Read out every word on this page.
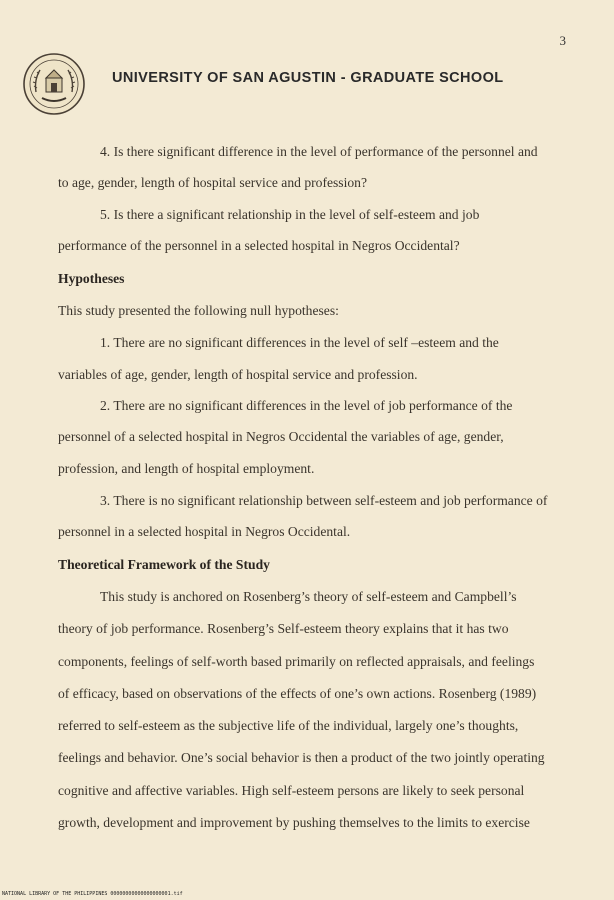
3
UNIVERSITY OF SAN AGUSTIN - GRADUATE SCHOOL
4. Is there significant difference in the level of performance of the personnel and
to age, gender, length of hospital service and profession?
5. Is there a significant relationship in the level of self-esteem and job
performance of the personnel in a selected hospital in Negros Occidental?
Hypotheses
This study presented the following null hypotheses:
1. There are no significant differences in the level of self –esteem and the
variables of age, gender, length of hospital service and profession.
2. There are no significant differences in the level of job performance of the
personnel of a selected hospital in Negros Occidental the variables of age, gender,
profession, and length of hospital employment.
3. There is no significant relationship between self-esteem and job performance of
personnel in a selected hospital in Negros Occidental.
Theoretical Framework of the Study
This study is anchored on Rosenberg’s theory of self-esteem and Campbell’s
theory of job performance. Rosenberg’s Self-esteem theory explains that it has two
components, feelings of self-worth based primarily on reflected appraisals, and feelings
of efficacy, based on observations of the effects of one’s own actions. Rosenberg (1989)
referred to self-esteem as the subjective life of the individual, largely one’s thoughts,
feelings and behavior. One’s social behavior is then a product of the two jointly operating
cognitive and affective variables. High self-esteem persons are likely to seek personal
growth, development and improvement by pushing themselves to the limits to exercise
NATIONAL LIBRARY OF THE PHILIPPINES 00000000000000000001.tif
